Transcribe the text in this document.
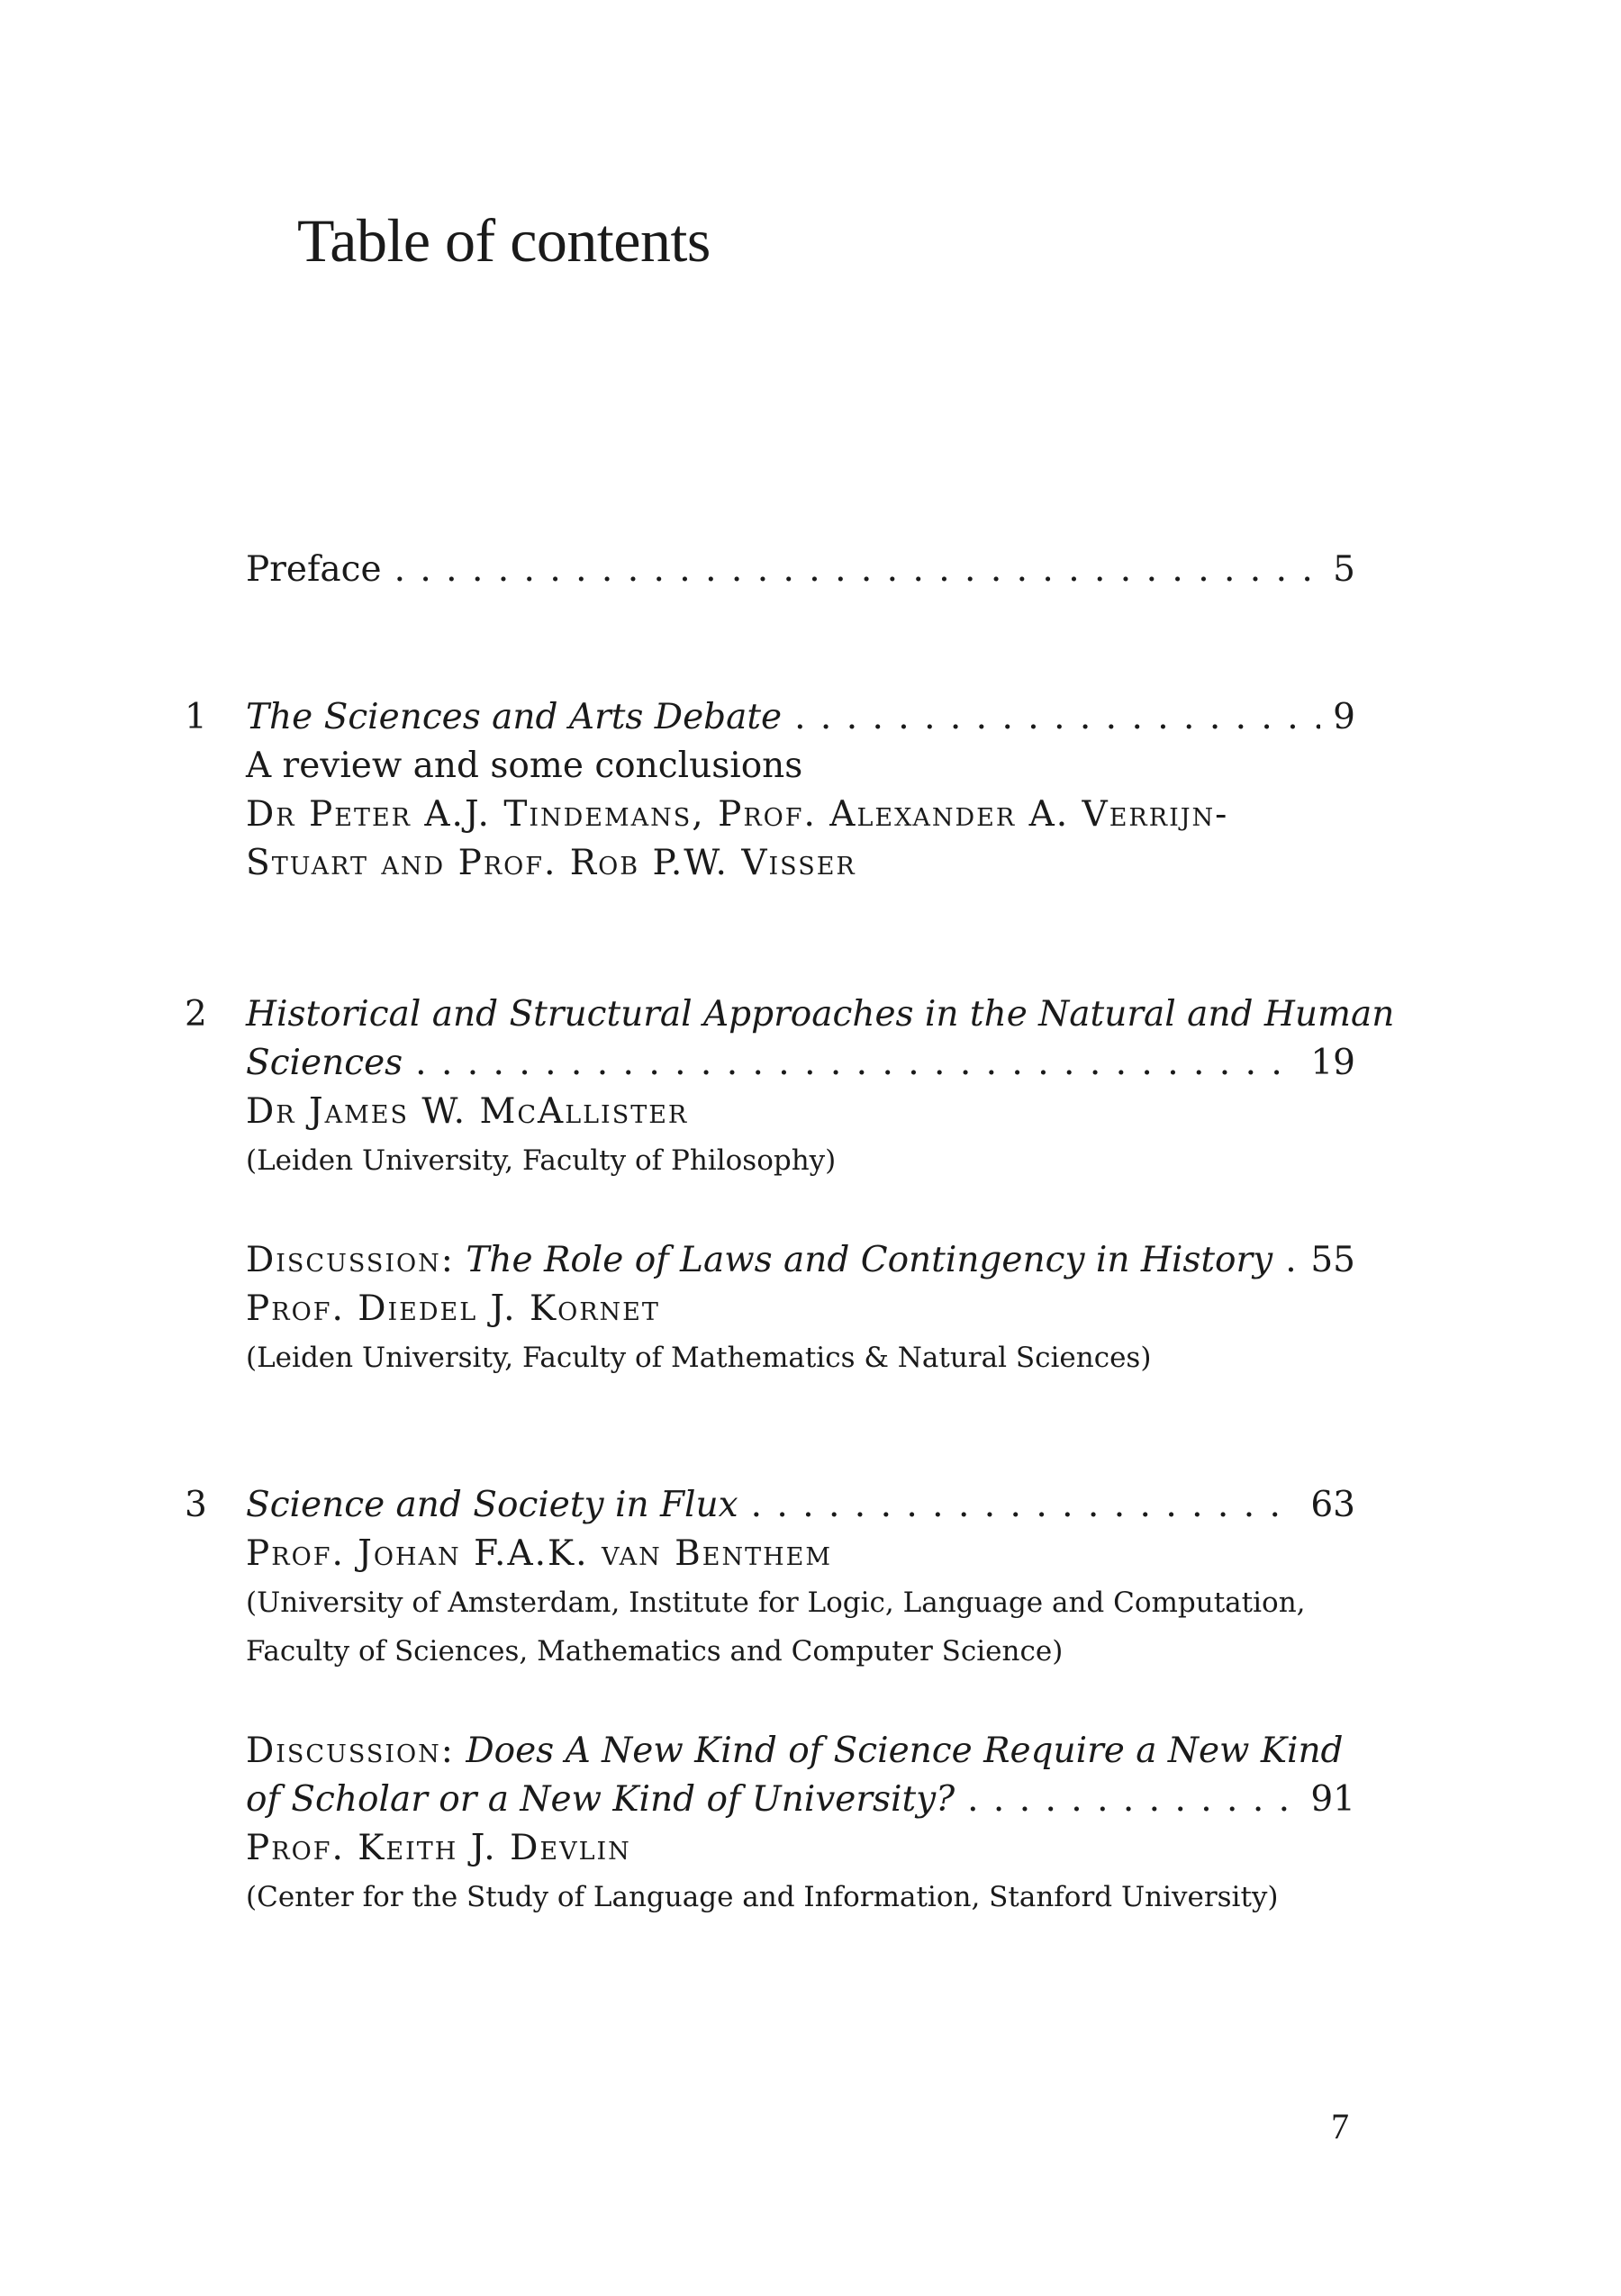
Table of contents
Preface . . .	5
1 The Sciences and Arts Debate . . .	9
A review and some conclusions
Dr Peter A.J. Tindemans, Prof. Alexander A. Verrijn-
Stuart and Prof. Rob P.W. Visser
2 Historical and Structural Approaches in the Natural and Human
Sciences . . .	19
Dr James W. McAllister
(Leiden University, Faculty of Philosophy)
Discussion: The Role of Laws and Contingency in History . . . 55
Prof. Diedel J. Kornet
(Leiden University, Faculty of Mathematics & Natural Sciences)
3 Science and Society in Flux . . .	63
Prof. Johan F.A.K. van Benthem
(University of Amsterdam, Institute for Logic, Language and Computation,
Faculty of Sciences, Mathematics and Computer Science)
Discussion: Does A New Kind of Science Require a New Kind
of Scholar or a New Kind of University? . . .	91
Prof. Keith J. Devlin
(Center for the Study of Language and Information, Stanford University)
7
